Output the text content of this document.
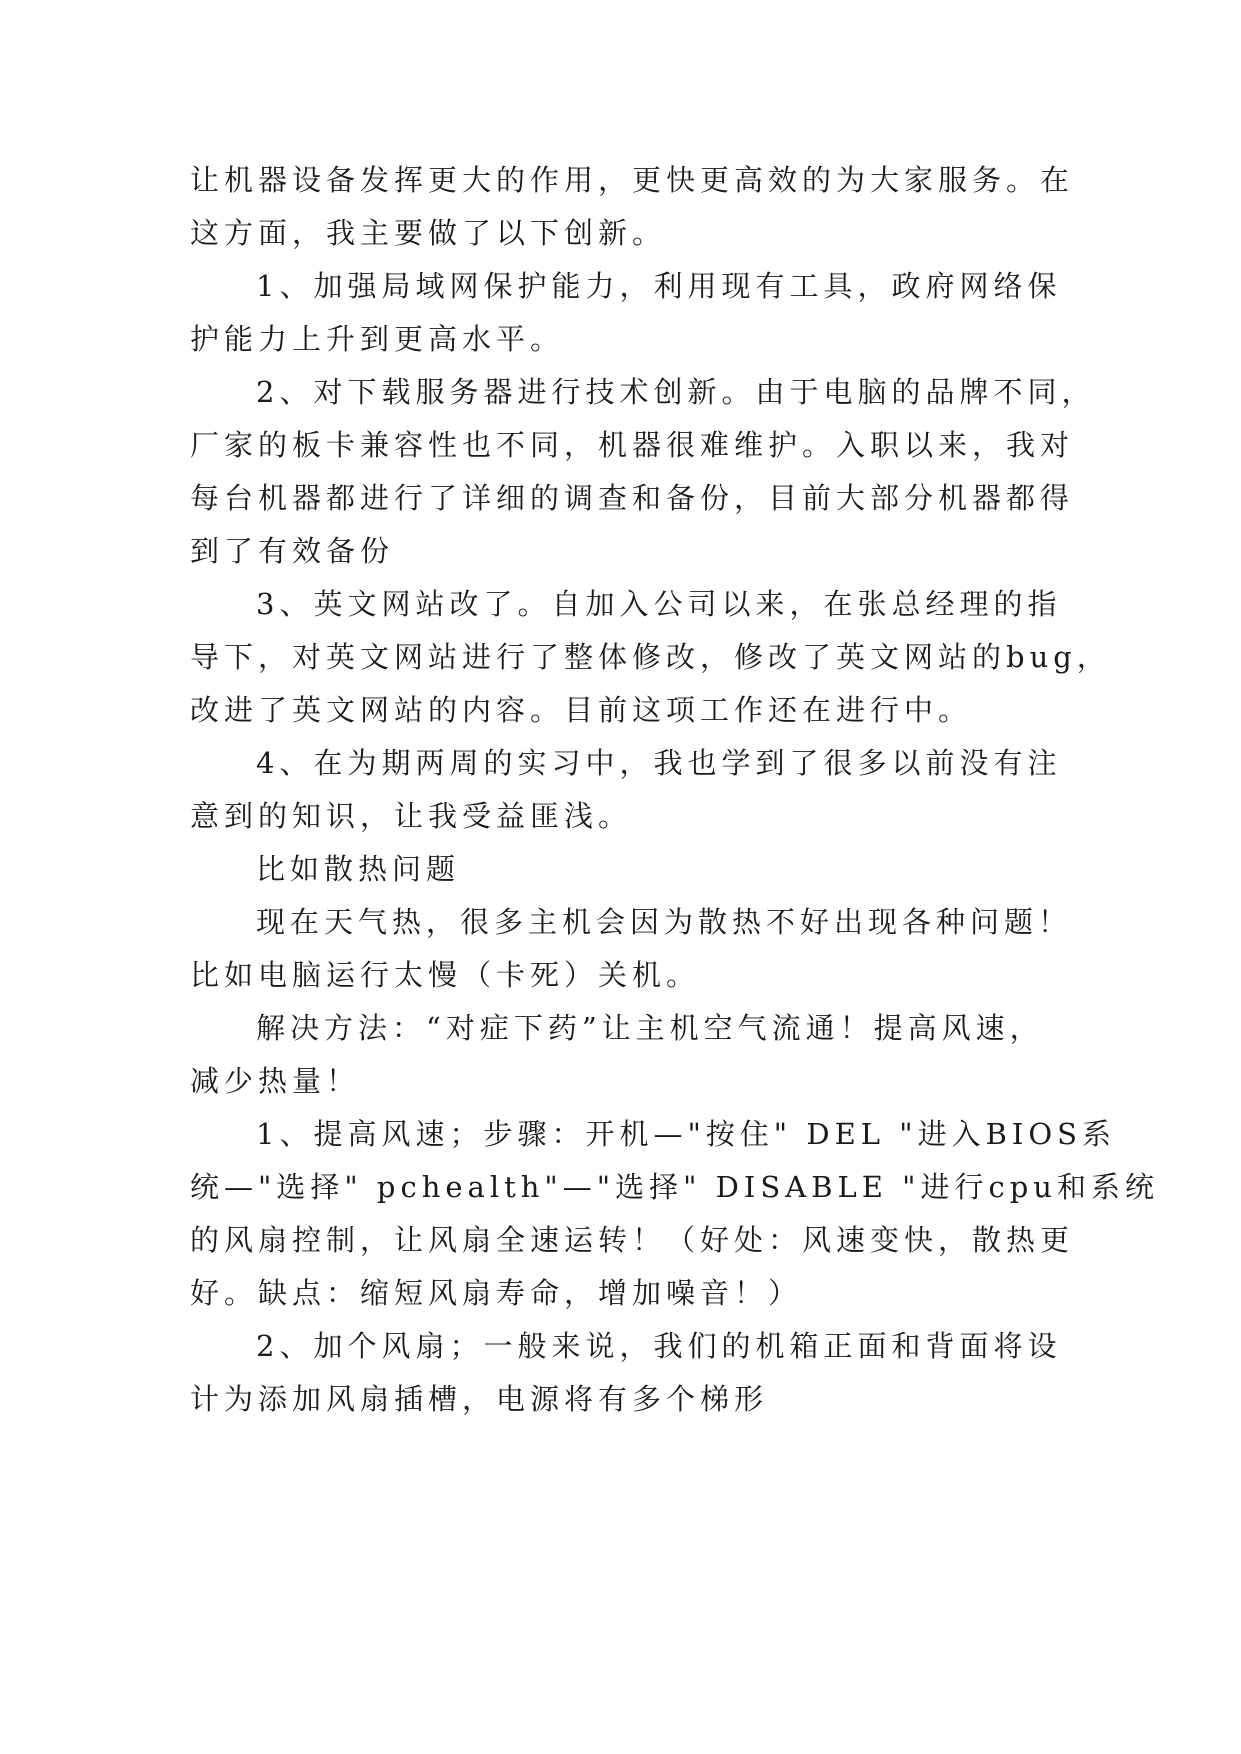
让机器设备发挥更大的作用，更快更高效的为大家服务。在
这方面，我主要做了以下创新。
1、加强局域网保护能力，利用现有工具，政府网络保
护能力上升到更高水平。
2、对下载服务器进行技术创新。由于电脑的品牌不同，
厂家的板卡兼容性也不同，机器很难维护。入职以来，我对
每台机器都进行了详细的调查和备份，目前大部分机器都得
到了有效备份
3、英文网站改了。自加入公司以来，在张总经理的指
导下，对英文网站进行了整体修改，修改了英文网站的bug，
改进了英文网站的内容。目前这项工作还在进行中。
4、在为期两周的实习中，我也学到了很多以前没有注
意到的知识，让我受益匪浅。
比如散热问题
现在天气热，很多主机会因为散热不好出现各种问题！
比如电脑运行太慢（卡死）关机。
解决方法：“对症下药”让主机空气流通！提高风速，
减少热量！
1、提高风速；步骤：开机—"按住" DEL "进入BIOS系
统—"选择" pchealth"—"选择" DISABLE "进行cpu和系统
的风扇控制，让风扇全速运转！（好处：风速变快，散热更
好。缺点：缩短风扇寿命，增加噪音！）
2、加个风扇；一般来说，我们的机箱正面和背面将设
计为添加风扇插槽，电源将有多个梯形
